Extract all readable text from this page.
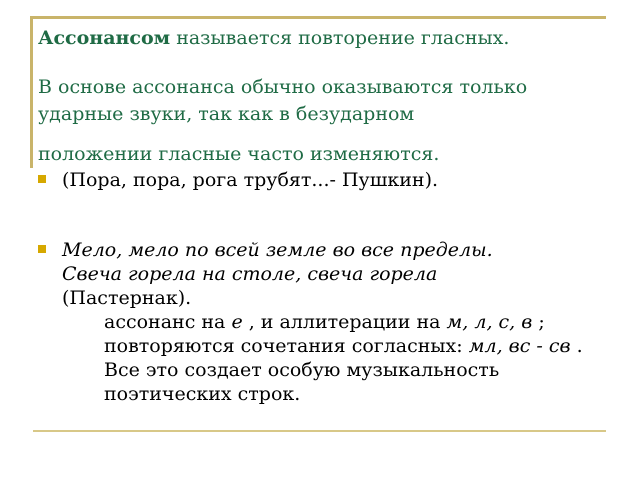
Ассонансом называется повторение гласных.
В основе ассонанса обычно оказываются только ударные звуки, так как в безударном
положении гласные часто изменяются.
(Пора, пора, рога трубят...- Пушкин).
Мело, мело по всей земле во все пределы.
Свеча горела на столе, свеча горела
(Пастернак).
ассонанс на е , и аллитерации на м, л, с, в ; повторяются сочетания согласных: мл, вс - св . Все это создает особую музыкальность поэтических строк.
